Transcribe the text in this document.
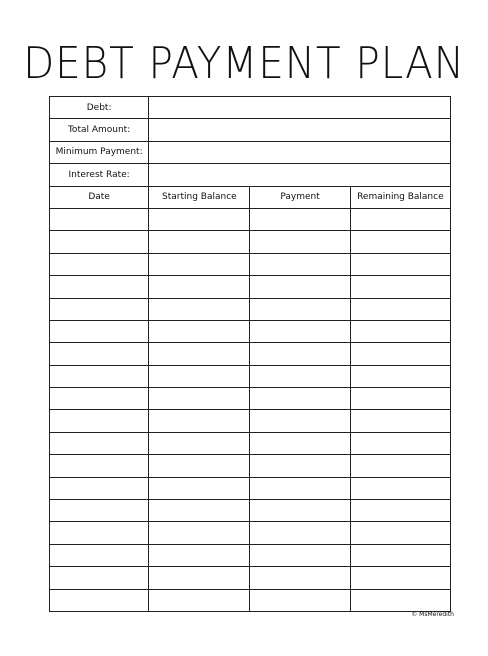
DEBT PAYMENT PLAN
Debt:			
Total Amount:			
Minimum Payment:			
Interest Rate:			
Date	Starting Balance	Payment	Remaining Balance

© MsMeredith
